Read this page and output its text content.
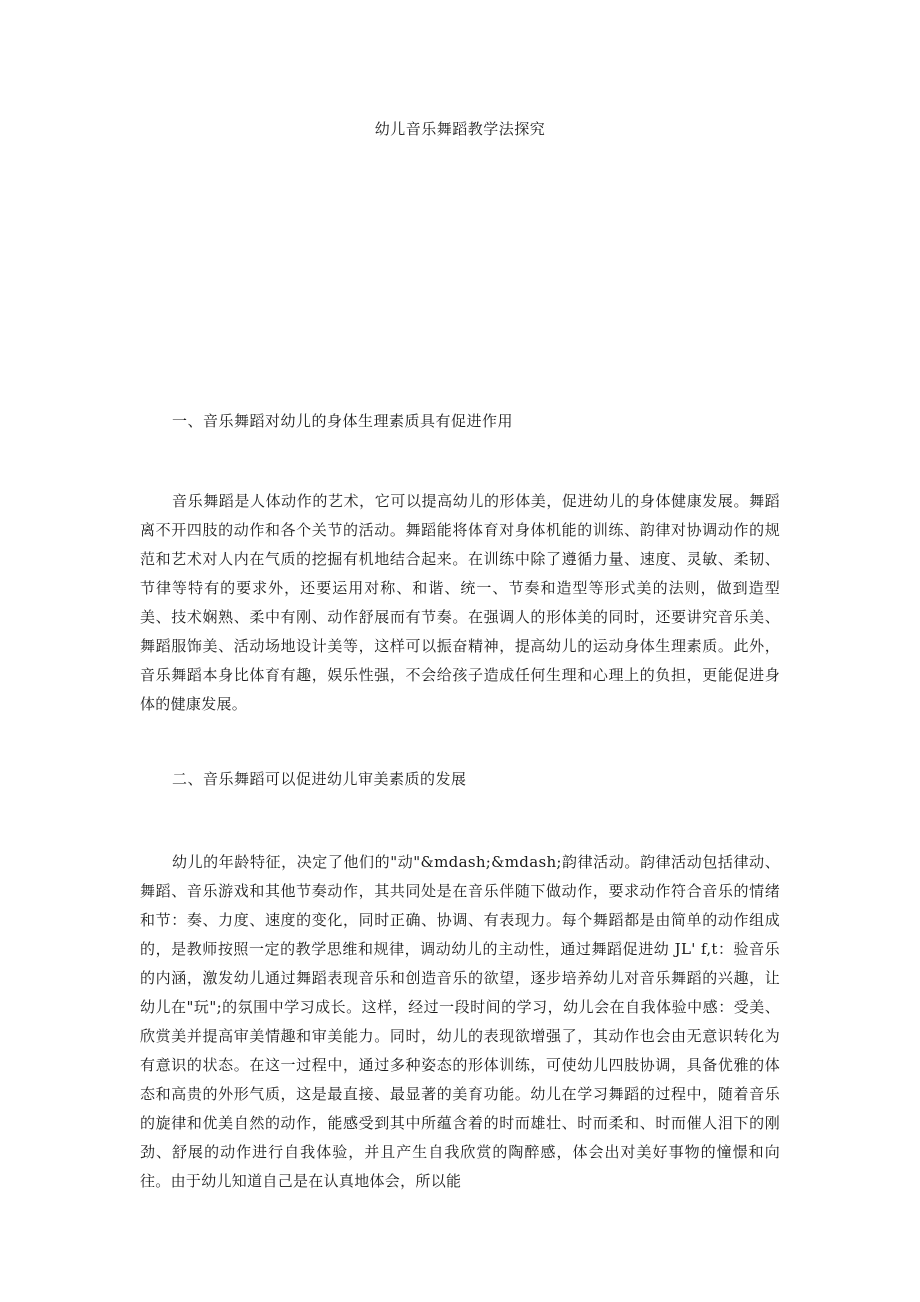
幼儿音乐舞蹈教学法探究
一、音乐舞蹈对幼儿的身体生理素质具有促进作用

音乐舞蹈是人体动作的艺术，它可以提高幼儿的形体美，促进幼儿的身体健康发展。舞蹈离不开四肢的动作和各个关节的活动。舞蹈能将体育对身体机能的训练、韵律对协调动作的规范和艺术对人内在气质的挖掘有机地结合起来。在训练中除了遵循力量、速度、灵敏、柔韧、节律等特有的要求外，还要运用对称、和谐、统一、节奏和造型等形式美的法则，做到造型美、技术娴熟、柔中有刚、动作舒展而有节奏。在强调人的形体美的同时，还要讲究音乐美、舞蹈服饰美、活动场地设计美等，这样可以振奋精神，提高幼儿的运动身体生理素质。此外，音乐舞蹈本身比体育有趣，娱乐性强，不会给孩子造成任何生理和心理上的负担，更能促进身体的健康发展。

二、音乐舞蹈可以促进幼儿审美素质的发展

幼儿的年龄特征，决定了他们的"动"&mdash;&mdash;韵律活动。韵律活动包括律动、舞蹈、音乐游戏和其他节奏动作，其共同处是在音乐伴随下做动作，要求动作符合音乐的情绪和节：奏、力度、速度的变化，同时正确、协调、有表现力。每个舞蹈都是由简单的动作组成的，是教师按照一定的教学思维和规律，调动幼儿的主动性，通过舞蹈促进幼 JL' f,t：验音乐的内涵，激发幼儿通过舞蹈表现音乐和创造音乐的欲望，逐步培养幼儿对音乐舞蹈的兴趣，让幼儿在"玩";的氛围中学习成长。这样，经过一段时间的学习，幼儿会在自我体验中感：受美、欣赏美并提高审美情趣和审美能力。同时，幼儿的表现欲增强了，其动作也会由无意识转化为有意识的状态。在这一过程中，通过多种姿态的形体训练，可使幼儿四肢协调，具备优雅的体态和高贵的外形气质，这是最直接、最显著的美育功能。幼儿在学习舞蹈的过程中，随着音乐的旋律和优美自然的动作，能感受到其中所蕴含着的时而雄壮、时而柔和、时而催人泪下的刚劲、舒展的动作进行自我体验，并且产生自我欣赏的陶醉感，体会出对美好事物的憧憬和向往。由于幼儿知道自己是在认真地体会，所以能
